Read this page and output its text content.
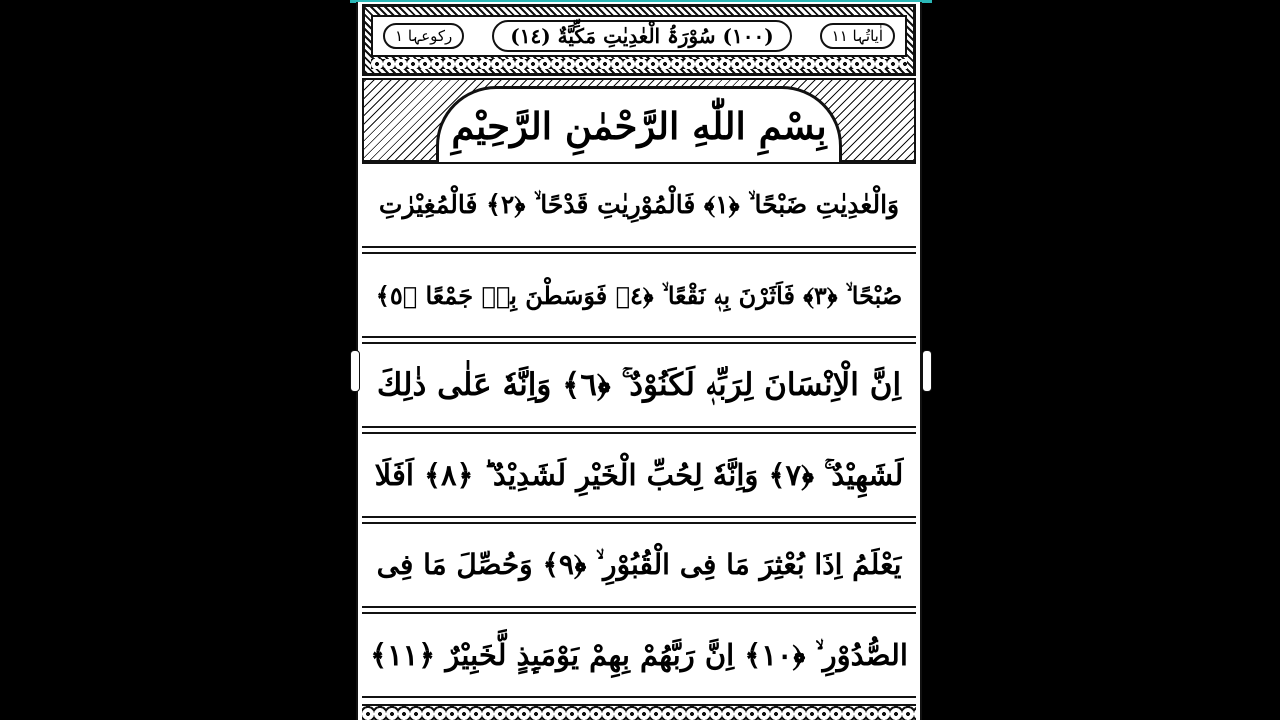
رکوعہا ١	(١٠٠) سُوْرَۃُ الْعٰدِیٰتِ مَكِّيَّةٌ (١٤)	اٰیاتُہا ١١
بِسْمِ اللّٰهِ الرَّحْمٰنِ الرَّحِیْمِ
وَالْعٰدِیٰتِ ضَبْحًا ۙ ﴿١﴾ فَالْمُوْرِیٰتِ قَدْحًا ۙ ﴿٢﴾ فَالْمُغِیْرٰتِ
صُبْحًا ۙ ﴿٣﴾ فَاَثَرْنَ بِهٖ نَقْعًا ۙ ﴿٤﴾ فَوَسَطْنَ بِهٖ جَمْعًا ﴿٥﴾
اِنَّ الْاِنْسَانَ لِرَبِّهٖ لَكَنُوْدٌ ۚ ﴿٦﴾ وَاِنَّهٗ عَلٰى ذٰلِكَ
لَشَهِیْدٌ ۚ ﴿٧﴾ وَاِنَّهٗ لِحُبِّ الْخَیْرِ لَشَدِیْدٌ ؕ ﴿٨﴾ اَفَلَا
یَعْلَمُ اِذَا بُعْثِرَ مَا فِی الْقُبُوْرِ ۙ ﴿٩﴾ وَحُصِّلَ مَا فِی
الصُّدُوْرِ ۙ ﴿١٠﴾ اِنَّ رَبَّهُمْ بِهِمْ یَوْمَىِٕذٍ لَّخَبِیْرٌ ﴿١١﴾
